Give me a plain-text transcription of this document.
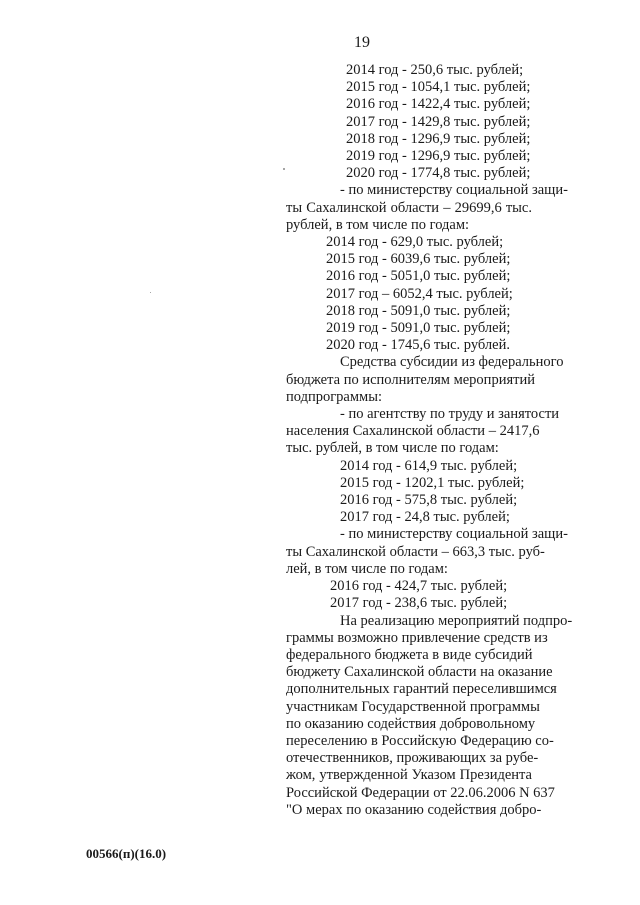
19
2014 год - 250,6 тыс. рублей;
2015 год - 1054,1 тыс. рублей;
2016 год - 1422,4 тыс. рублей;
2017 год - 1429,8 тыс. рублей;
2018 год - 1296,9 тыс. рублей;
2019 год - 1296,9 тыс. рублей;
2020 год - 1774,8 тыс. рублей;
- по министерству социальной защи-
ты Сахалинской области – 29699,6 тыс.
рублей, в том числе по годам:
2014 год - 629,0 тыс. рублей;
2015 год - 6039,6 тыс. рублей;
2016 год - 5051,0 тыс. рублей;
2017 год – 6052,4 тыс. рублей;
2018 год - 5091,0 тыс. рублей;
2019 год - 5091,0 тыс. рублей;
2020 год - 1745,6 тыс. рублей.
Средства субсидии из федерального
бюджета по исполнителям мероприятий
подпрограммы:
- по агентству по труду и занятости
населения Сахалинской области – 2417,6
тыс. рублей, в том числе по годам:
2014 год - 614,9 тыс. рублей;
2015 год - 1202,1 тыс. рублей;
2016 год - 575,8 тыс. рублей;
2017 год - 24,8 тыс. рублей;
- по министерству социальной защи-
ты Сахалинской области – 663,3 тыс. руб-
лей, в том числе по годам:
2016 год - 424,7 тыс. рублей;
2017 год - 238,6 тыс. рублей;
На реализацию мероприятий подпро-
граммы возможно привлечение средств из
федерального бюджета в виде субсидий
бюджету Сахалинской области на оказание
дополнительных гарантий переселившимся
участникам Государственной программы
по оказанию содействия добровольному
переселению в Российскую Федерацию со-
отечественников, проживающих за рубе-
жом, утвержденной Указом Президента
Российской Федерации от 22.06.2006 N 637
"О мерах по оказанию содействия добро-
00566(п)(16.0)
